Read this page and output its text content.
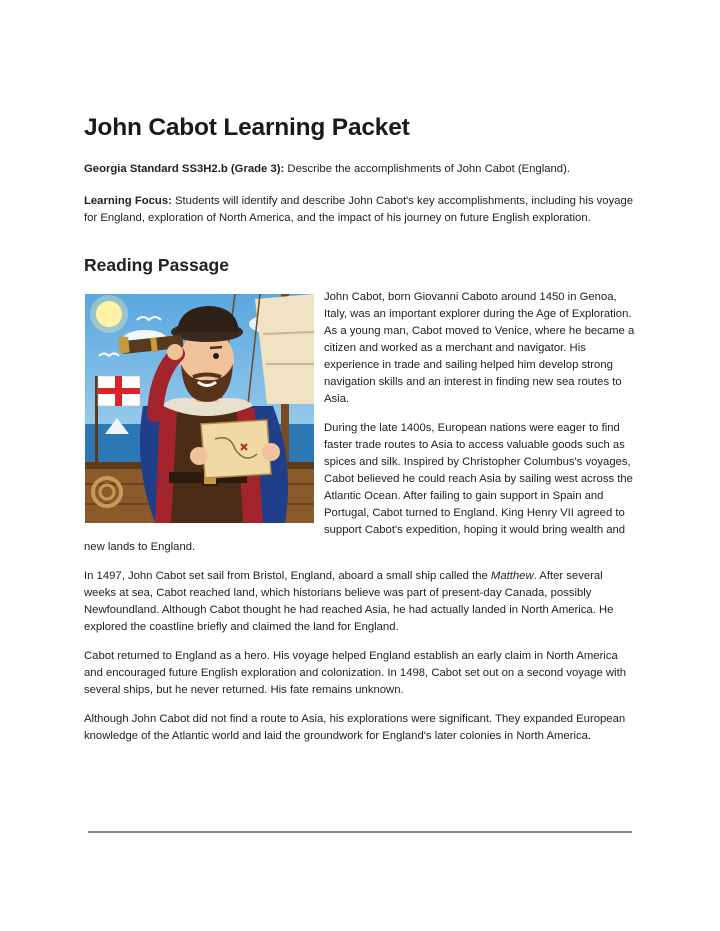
John Cabot Learning Packet

Georgia Standard SS3H2.b (Grade 3): Describe the accomplishments of John Cabot (England).

Learning Focus: Students will identify and describe John Cabot's key accomplishments, including his voyage for England, exploration of North America, and the impact of his journey on future English exploration.

Reading Passage

John Cabot, born Giovanni Caboto around 1450 in Genoa, Italy, was an important explorer during the Age of Exploration. As a young man, Cabot moved to Venice, where he became a citizen and worked as a merchant and navigator. His experience in trade and sailing helped him develop strong navigation skills and an interest in finding new sea routes to Asia.

During the late 1400s, European nations were eager to find faster trade routes to Asia to access valuable goods such as spices and silk. Inspired by Christopher Columbus's voyages, Cabot believed he could reach Asia by sailing west across the Atlantic Ocean. After failing to gain support in Spain and Portugal, Cabot turned to England. King Henry VII agreed to support Cabot's expedition, hoping it would bring wealth and new lands to England.

In 1497, John Cabot set sail from Bristol, England, aboard a small ship called the Matthew. After several weeks at sea, Cabot reached land, which historians believe was part of present-day Canada, possibly Newfoundland. Although Cabot thought he had reached Asia, he had actually landed in North America. He explored the coastline briefly and claimed the land for England.

Cabot returned to England as a hero. His voyage helped England establish an early claim in North America and encouraged future English exploration and colonization. In 1498, Cabot set out on a second voyage with several ships, but he never returned. His fate remains unknown.

Although John Cabot did not find a route to Asia, his explorations were significant. They expanded European knowledge of the Atlantic world and laid the groundwork for England's later colonies in North America.
